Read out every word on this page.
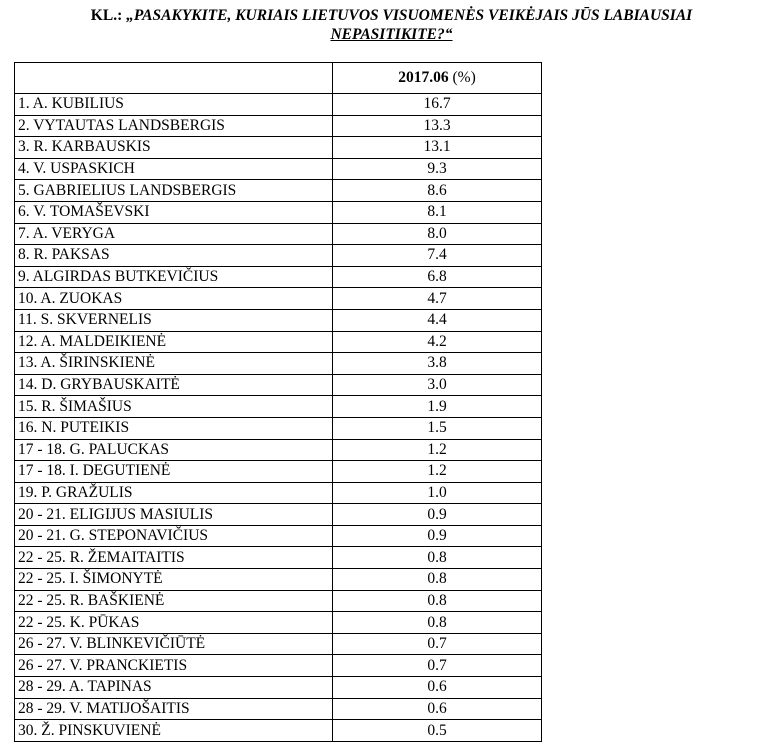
KL.: „PASAKYKITE, KURIAIS LIETUVOS VISUOMENĖS VEIKĖJAIS JŪS LABIAUSIAI
NEPASITIKITE?“
	2017.06 (%)
1. A. KUBILIUS	16.7
2. VYTAUTAS LANDSBERGIS	13.3
3. R. KARBAUSKIS	13.1
4. V. USPASKICH	9.3
5. GABRIELIUS LANDSBERGIS	8.6
6. V. TOMAŠEVSKI	8.1
7. A. VERYGA	8.0
8. R. PAKSAS	7.4
9. ALGIRDAS BUTKEVIČIUS	6.8
10. A. ZUOKAS	4.7
11. S. SKVERNELIS	4.4
12. A. MALDEIKIENĖ	4.2
13. A. ŠIRINSKIENĖ	3.8
14. D. GRYBAUSKAITĖ	3.0
15. R. ŠIMAŠIUS	1.9
16. N. PUTEIKIS	1.5
17 - 18. G. PALUCKAS	1.2
17 - 18. I. DEGUTIENĖ	1.2
19. P. GRAŽULIS	1.0
20 - 21. ELIGIJUS MASIULIS	0.9
20 - 21. G. STEPONAVIČIUS	0.9
22 - 25. R. ŽEMAITAITIS	0.8
22 - 25. I. ŠIMONYTĖ	0.8
22 - 25. R. BAŠKIENĖ	0.8
22 - 25. K. PŪKAS	0.8
26 - 27. V. BLINKEVIČIŪTĖ	0.7
26 - 27. V. PRANCKIETIS	0.7
28 - 29. A. TAPINAS	0.6
28 - 29. V. MATIJOŠAITIS	0.6
30. Ž. PINSKUVIENĖ	0.5
